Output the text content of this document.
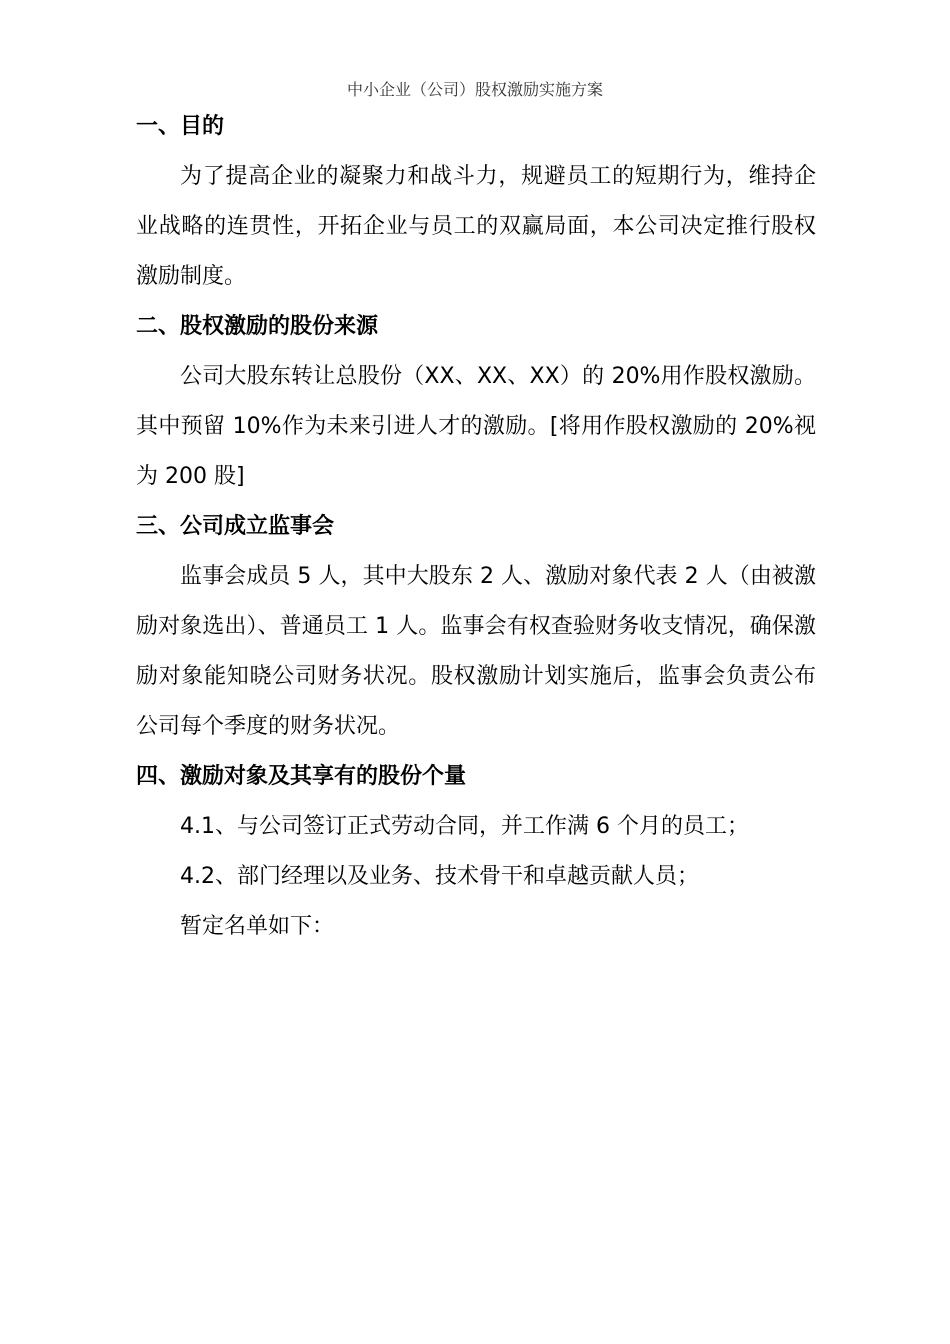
中小企业（公司）股权激励实施方案
一、目的

为了提高企业的凝聚力和战斗力，规避员工的短期行为，维持企业战略的连贯性，开拓企业与员工的双赢局面，本公司决定推行股权激励制度。

二、股权激励的股份来源

公司大股东转让总股份（XX、XX、XX）的 20%用作股权激励。其中预留 10%作为未来引进人才的激励。[将用作股权激励的 20%视为 200 股]

三、公司成立监事会

监事会成员 5 人，其中大股东 2 人、激励对象代表 2 人（由被激励对象选出）、普通员工 1 人。监事会有权查验财务收支情况，确保激励对象能知晓公司财务状况。股权激励计划实施后，监事会负责公布公司每个季度的财务状况。

四、激励对象及其享有的股份个量

4.1、与公司签订正式劳动合同，并工作满 6 个月的员工；

4.2、部门经理以及业务、技术骨干和卓越贡献人员；

暂定名单如下：
